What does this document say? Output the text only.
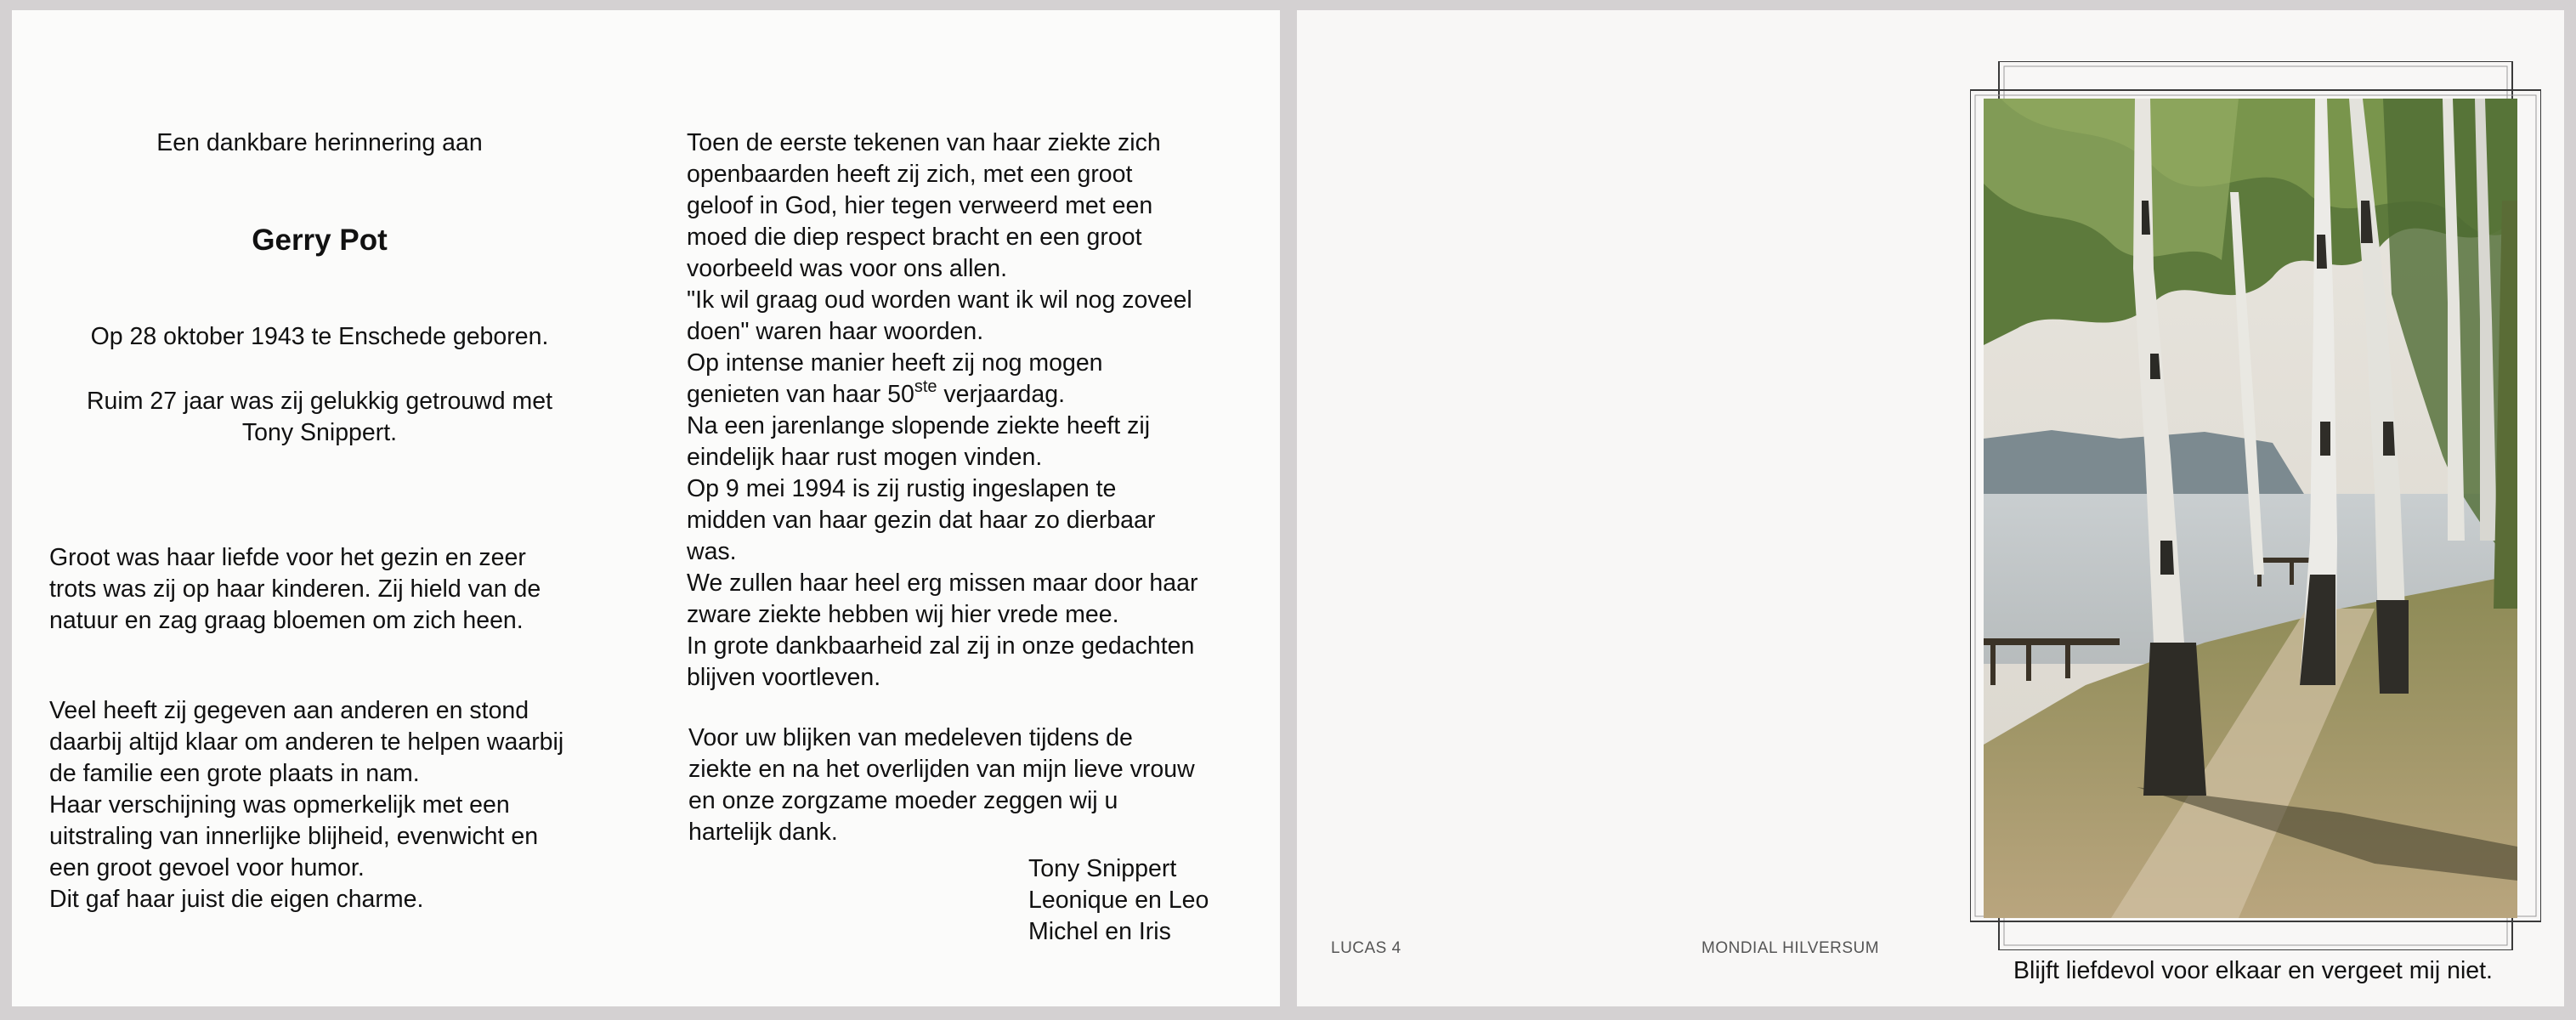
Een dankbare herinnering aan
Gerry Pot
Op 28 oktober 1943 te Enschede geboren.
Ruim 27 jaar was zij gelukkig getrouwd met
Tony Snippert.
Groot was haar liefde voor het gezin en zeer
trots was zij op haar kinderen. Zij hield van de
natuur en zag graag bloemen om zich heen.
Veel heeft zij gegeven aan anderen en stond
daarbij altijd klaar om anderen te helpen waarbij
de familie een grote plaats in nam.
Haar verschijning was opmerkelijk met een
uitstraling van innerlijke blijheid, evenwicht en
een groot gevoel voor humor.
Dit gaf haar juist die eigen charme.
Toen de eerste tekenen van haar ziekte zich
openbaarden heeft zij zich, met een groot
geloof in God, hier tegen verweerd met een
moed die diep respect bracht en een groot
voorbeeld was voor ons allen.
"Ik wil graag oud worden want ik wil nog zoveel
doen" waren haar woorden.
Op intense manier heeft zij nog mogen
genieten van haar 50ste verjaardag.
Na een jarenlange slopende ziekte heeft zij
eindelijk haar rust mogen vinden.
Op 9 mei 1994 is zij rustig ingeslapen te
midden van haar gezin dat haar zo dierbaar
was.
We zullen haar heel erg missen maar door haar
zware ziekte hebben wij hier vrede mee.
In grote dankbaarheid zal zij in onze gedachten
blijven voortleven.
Voor uw blijken van medeleven tijdens de
ziekte en na het overlijden van mijn lieve vrouw
en onze zorgzame moeder zeggen wij u
hartelijk dank.
Tony Snippert
Leonique en Leo
Michel en Iris
LUCAS 4	MONDIAL HILVERSUM
Blijft liefdevol voor elkaar en vergeet mij niet.
